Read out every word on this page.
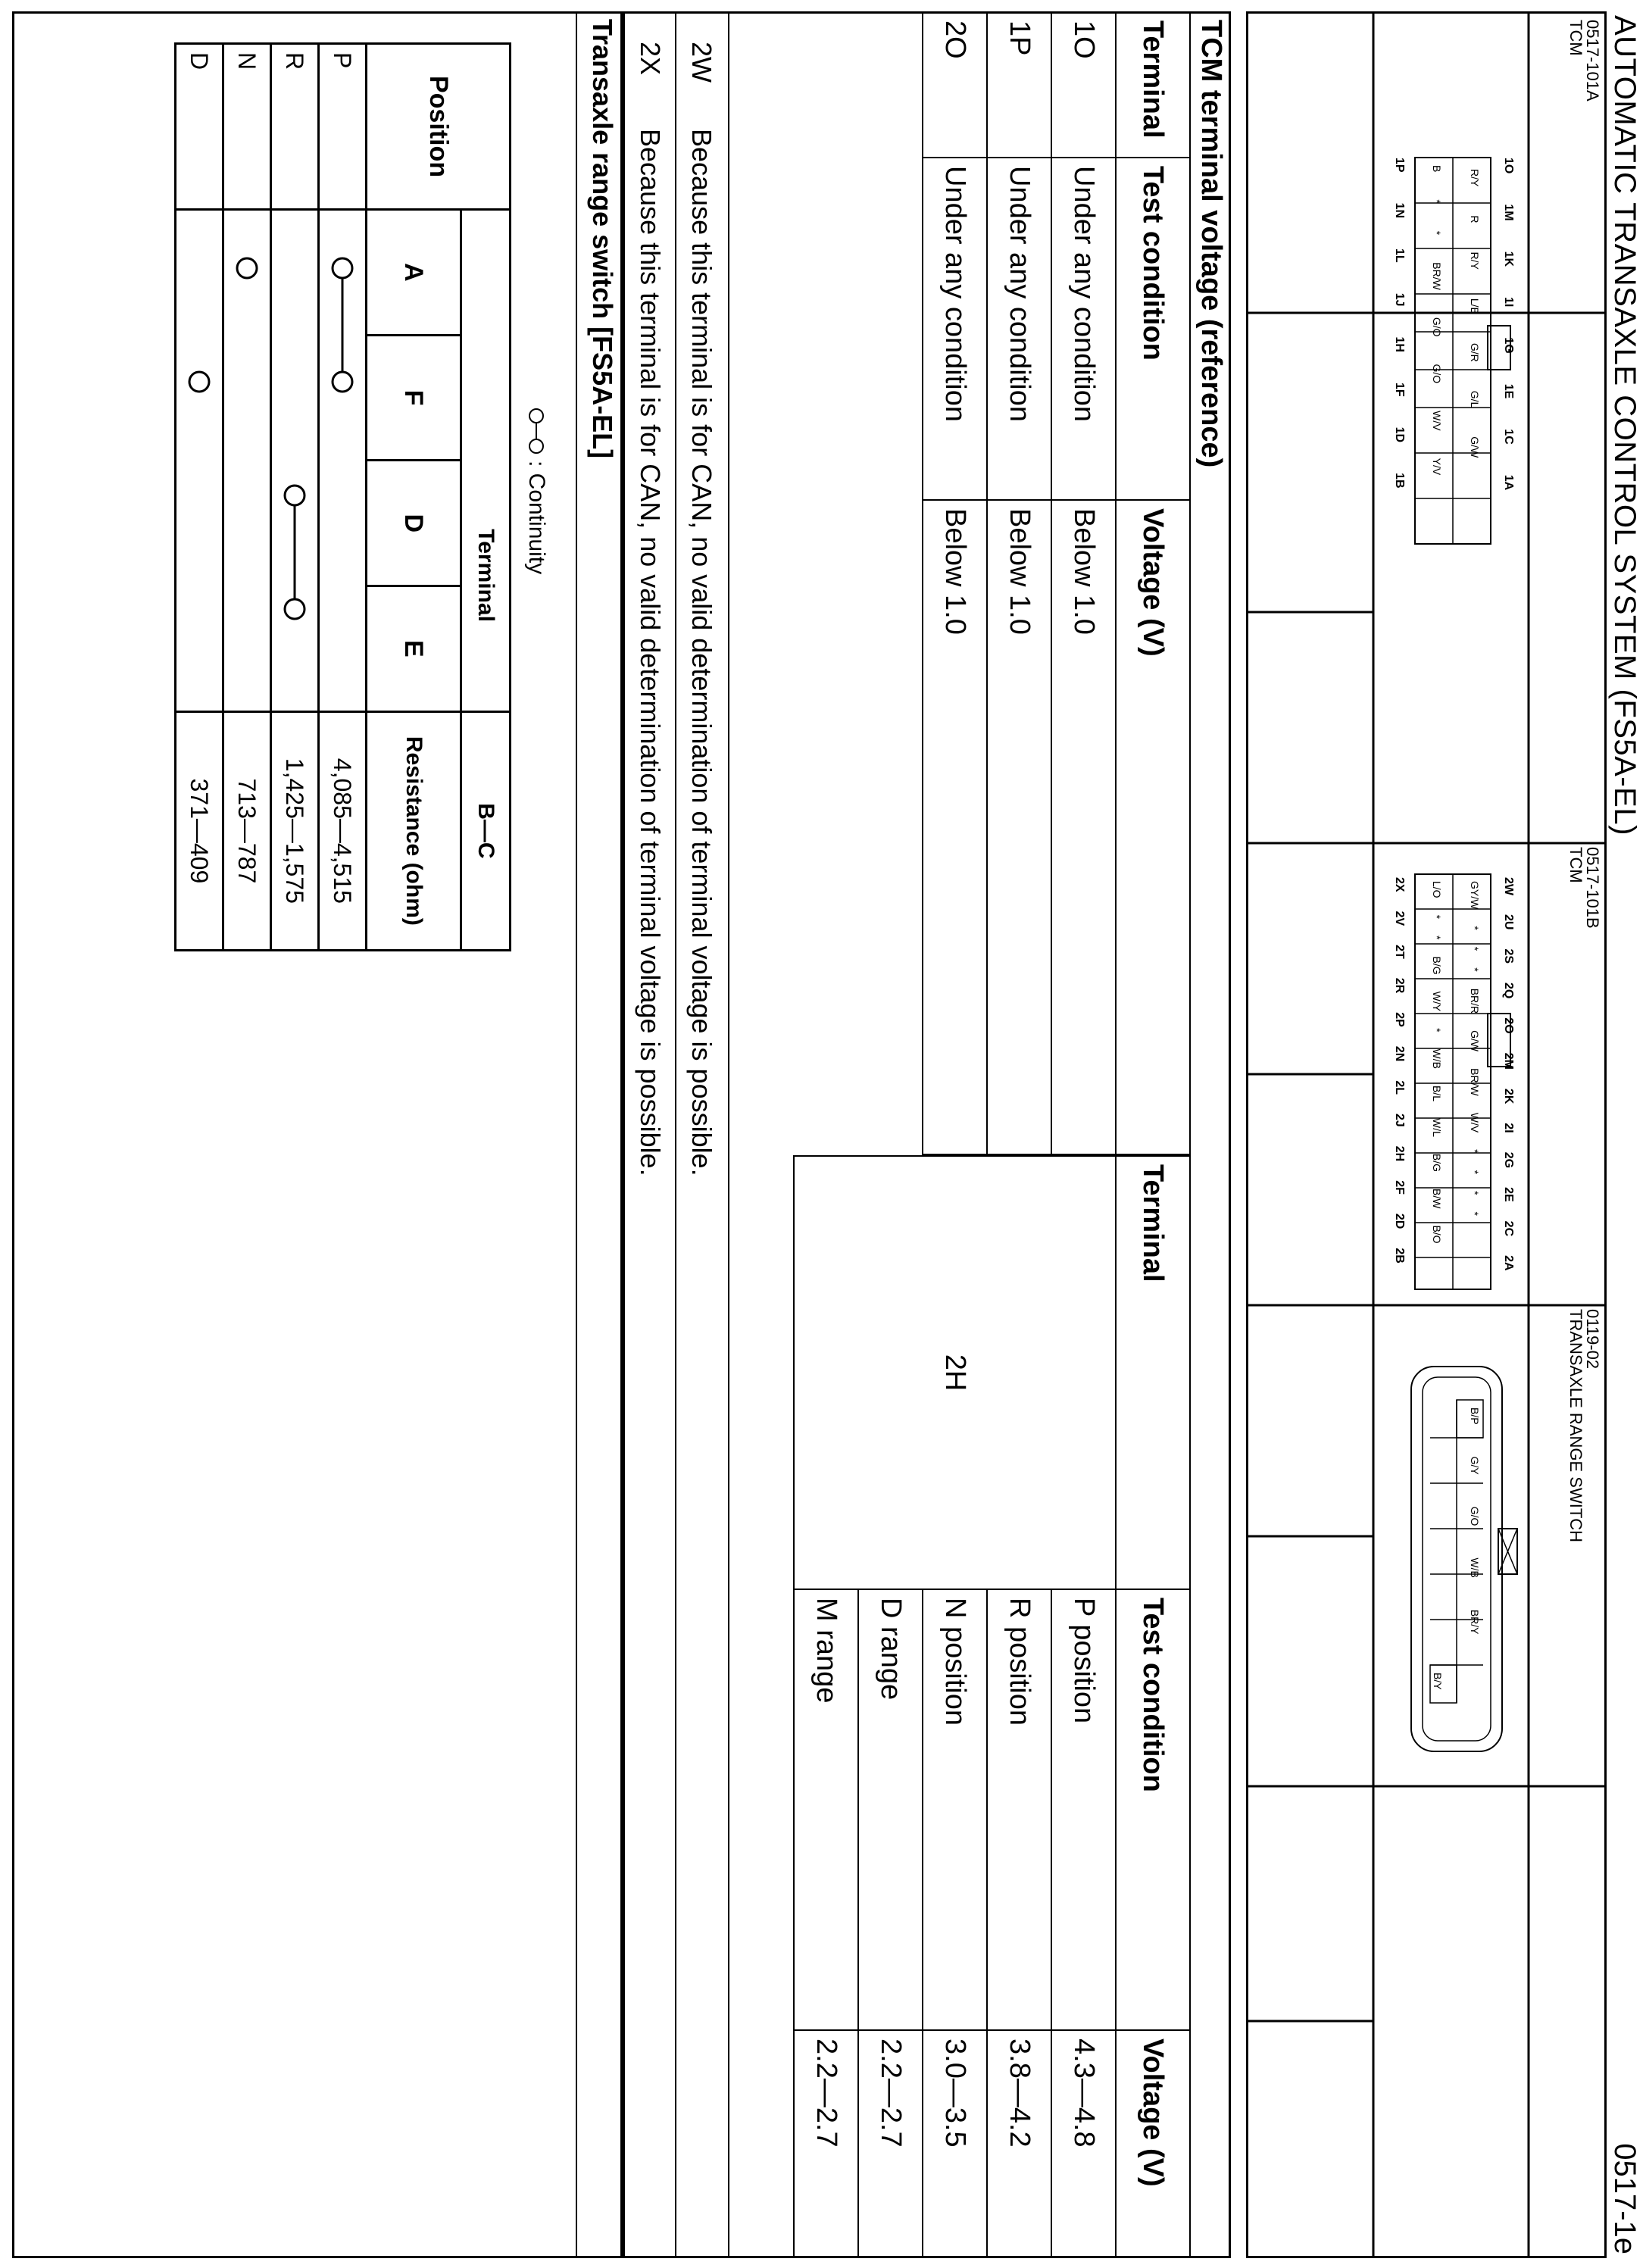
AUTOMATIC TRANSAXLE CONTROL SYSTEM (FS5A-EL)
0517-1e
0517-101A
TCM
1O
1M
1K
1I
1G
1E
1C
1A
R/Y
R
R/Y
L/B
G/R
G/L
G/W
B
*
*
BR/W
G/O
G/O
W/V
Y/V
1P
1N
1L
1J
1H
1F
1D
1B
0517-101B
TCM
2W
2U
2S
2Q
2O
2M
2K
2I
2G
2E
2C
2A
GY/W
*
*
*
BR/R
G/W
BR/W
W/V
*
*
*
*
L/O
*
*
B/G
W/Y
*
W/B
B/L
W/L
B/G
B/W
B/O
2X
2V
2T
2R
2P
2N
2L
2J
2H
2F
2D
2B
0119-02
TRANSAXLE RANGE SWITCH
B/P
G/Y
G/O
W/B
BR/Y
B/Y
TCM terminal voltage (reference)
Terminal	Test condition	Voltage (V)
1O	Under any condition	Below 1.0
1P	Under any condition	Below 1.0
2O	Under any condition	Below 1.0
Terminal	Test condition	Voltage (V)
2H	P position	4.3—4.8
	R position	3.8—4.2
	N position	3.0—3.5
	D range	2.2—2.7
	M range	2.2—2.7
2W
Because this terminal is for CAN, no valid determination of terminal voltage is possible.
2X
Because this terminal is for CAN, no valid determination of terminal voltage is possible.
Transaxle range switch [FS5A-EL]
: Continuity
Position	Terminal				B—C
	A	F	D	E	Resistance (ohm)
P					4,085—4,515
R					1,425—1,575
N					713—787
D					371—409
